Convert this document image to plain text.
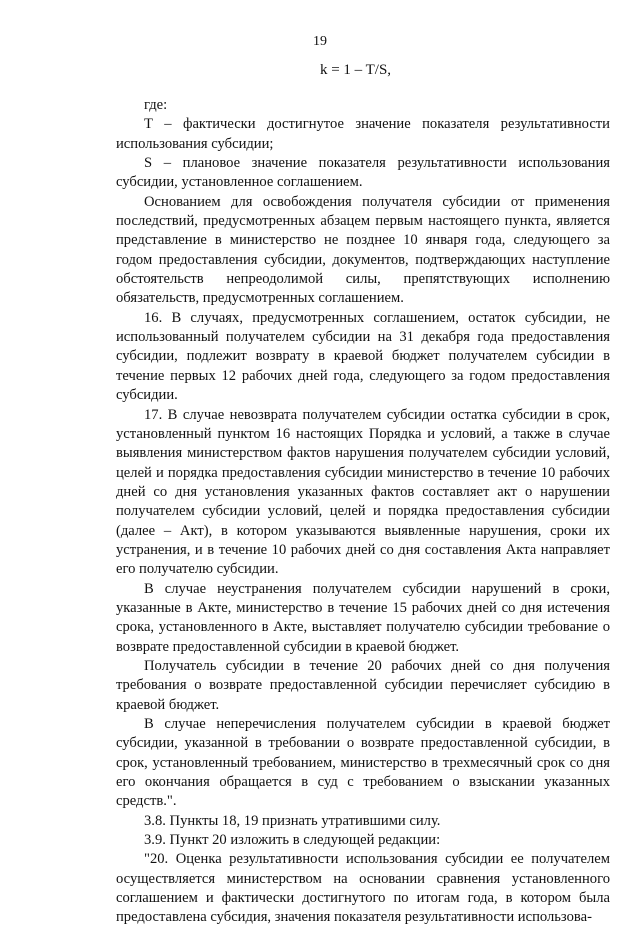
19
k = 1 – T/S,

где:

Т – фактически достигнутое значение показателя результативности использования субсидии;

S – плановое значение показателя результативности использования субсидии, установленное соглашением.

Основанием для освобождения получателя субсидии от применения последствий, предусмотренных абзацем первым настоящего пункта, является представление в министерство не позднее 10 января года, следующего за годом предоставления субсидии, документов, подтверждающих наступление обстоятельств непреодолимой силы, препятствующих исполнению обязательств, предусмотренных соглашением.

16. В случаях, предусмотренных соглашением, остаток субсидии, не использованный получателем субсидии на 31 декабря года предоставления субсидии, подлежит возврату в краевой бюджет получателем субсидии в течение первых 12 рабочих дней года, следующего за годом предоставления субсидии.

17. В случае невозврата получателем субсидии остатка субсидии в срок, установленный пунктом 16 настоящих Порядка и условий, а также в случае выявления министерством фактов нарушения получателем субсидии условий, целей и порядка предоставления субсидии министерство в течение 10 рабочих дней со дня установления указанных фактов составляет акт о нарушении получателем субсидии условий, целей и порядка предоставления субсидии (далее – Акт), в котором указываются выявленные нарушения, сроки их устранения, и в течение 10 рабочих дней со дня составления Акта направляет его получателю субсидии.

В случае неустранения получателем субсидии нарушений в сроки, указанные в Акте, министерство в течение 15 рабочих дней со дня истечения срока, установленного в Акте, выставляет получателю субсидии требование о возврате предоставленной субсидии в краевой бюджет.

Получатель субсидии в течение 20 рабочих дней со дня получения требования о возврате предоставленной субсидии перечисляет субсидию в краевой бюджет.

В случае неперечисления получателем субсидии в краевой бюджет субсидии, указанной в требовании о возврате предоставленной субсидии, в срок, установленный требованием, министерство в трехмесячный срок со дня его окончания обращается в суд с требованием о взыскании указанных средств.".

3.8. Пункты 18, 19 признать утратившими силу.

3.9. Пункт 20 изложить в следующей редакции:

"20. Оценка результативности использования субсидии ее получателем осуществляется министерством на основании сравнения установленного соглашением и фактически достигнутого по итогам года, в котором была предоставлена субсидия, значения показателя результативности использова-
